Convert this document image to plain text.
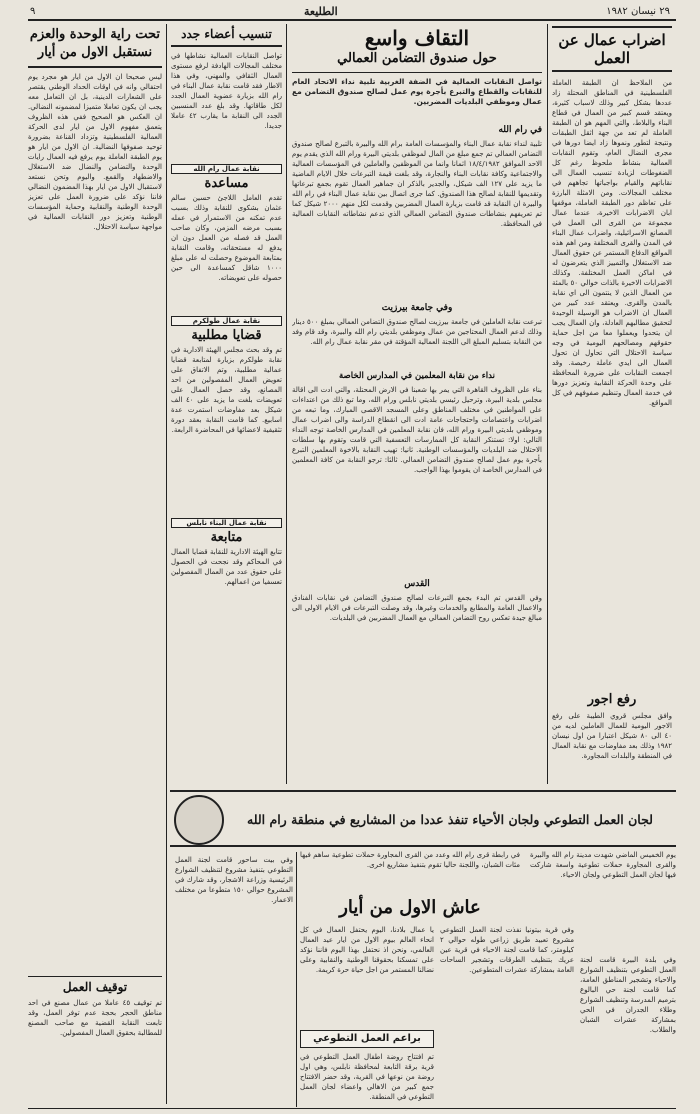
٢٩ نيسان ١٩٨٢
الطليعة
٩
اضراب عمال عن العمل
من الملاحظ ان الطبقة العاملة الفلسطينية في المناطق المحتلة زاد عددها بشكل كبير وذلك لاسباب كثيرة، ويعتقد قسم كبير من العمال في قطاع البناء والبلاط، والتي المهم هو ان الطبقة العاملة لم تعد من جهة اثقل الطبقات ونتيجة لتطور ونموها زاد ايضا دورها في مجرى النضال العام، وتقوم النقابات العمالية بنشاط ملحوظ رغم كل الضغوطات لزيادة تنسيب العمال الى نقاباتهم والقيام بواجباتها تجاههم في مختلف المجالات. ومن الامثلة البارزة على تعاظم دور الطبقة العاملة، موقفها ابان الاضرابات الاخيرة، عندما عمال مجموعة من القرى الى العمل في المصانع الاسرائيلية، واضراب عمال البناء في المدن والقرى المختلفة ومن اهم هذه المواقع الدفاع المستمر عن حقوق العمال ضد الاستغلال والتمييز الذي يتعرضون له في اماكن العمل المختلفة. وكذلك الاضرابات الاخيرة بالذات خوالي ٥٠ بالمئة من العمال الذين لا ينتمون الى اي نقابة بالمدن والقرى. ويعتقد عدد كبير من العمال ان الاضراب هو الوسيلة الوحيدة لتحقيق مطالبهم العادلة، وان العمال يجب ان يتحدوا ويعملوا معا من اجل حماية حقوقهم ومصالحهم اليومية في وجه سياسة الاحتلال التي تحاول ان تحول العمال الى ايدي عاملة رخيصة. وقد اجمعت النقابات على ضرورة المحافظة على وحدة الحركة النقابية وتعزيز دورها في خدمة العمال وتنظيم صفوفهم في كل المواقع.
رفع اجور
وافق مجلس قروي الطيبة على رفع الاجور اليومية للعمال العاملين لديه من ٤٠ الى ٨٠ شيكل اعتبارا من اول نيسان ١٩٨٢ وذلك بعد مفاوضات مع نقابة العمال في المنطقة والبلدات المجاورة.
التقاف واسع
حول صندوق التضامن العمالي
تواصل النقابات العمالية في الضفة الغربية تلبية نداء الاتحاد العام للنقابات والقطاع والتبرع بأجرة يوم عمل لصالح صندوق التضامن مع عمال وموظفي البلديات المضربين.
في رام الله
تلبية لنداء نقابة عمال البناء والمؤسسات العامة برام الله والبيرة بالتبرع لصالح صندوق التضامن العمالي تم جمع مبلغ من المال لموظفي بلديتي البيرة ورام الله الذي يقدم يوم الاحد الموافق ١٨/٤/١٩٨٢ اثمانا وانما من الموظفين والعاملين في المؤسسات العمالية والاجتماعية وكافة نقابات البناء والنجارة، وقد بلغت قيمة التبرعات خلال الايام الماضية ما يزيد على ١٢٧ الف شيكل، والجدير بالذكر ان جماهير العمال تقوم بجمع تبرعاتها وتقديمها للنقابة لصالح هذا الصندوق. كما جرى اتصال بين نقابة عمال البناء في رام الله والبيرة ان النقابة قد قامت بزيارة العمال المضربين وقدمت لكل منهم ٢٠٠٠ شيكل كما تم تعريفهم بنشاطات صندوق التضامن العمالي الذي تدعم نشاطاته النقابات العمالية في المحافظة.
وفي جامعة بيرزيت
تبرعت نقابة العاملين في جامعة بيرزيت لصالح صندوق التضامن العمالي بمبلغ ٥٠٠ دينار وذلك لدعم العمال المحتاجين من عمال وموظفي بلديتي رام الله والبيرة، وقد قام وفد من النقابة بتسليم المبلغ الى اللجنة العمالية المؤقتة في مقر نقابة عمال رام الله.
نداء من نقابة المعلمين في المدارس الخاصة
بناء على الظروف القاهرة التي يمر بها شعبنا في الارض المحتلة، والتي ادت الى اقالة مجلس بلدية البيرة، وترحيل رئيسي بلديتي نابلس ورام الله، وما تبع ذلك من اعتداءات على المواطنين في مختلف المناطق وعلى المسجد الاقصى المبارك، وما تبعه من اضرابات واعتصامات واحتجاجات عامة ادت الى انقطاع الدراسة والى اضراب عمال وموظفي بلديتي البيرة ورام الله، فان نقابة المعلمين في المدارس الخاصة توجه النداء التالي: اولا: تستنكر النقابة كل الممارسات التعسفية التي قامت وتقوم بها سلطات الاحتلال ضد البلديات والمؤسسات الوطنية. ثانيا: تهيب النقابة بالاخوة المعلمين التبرع بأجرة يوم عمل لصالح صندوق التضامن العمالي. ثالثا: ترجو النقابة من كافة المعلمين في المدارس الخاصة ان يقوموا بهذا الواجب.
القدس
وفي القدس تم البدء بجمع التبرعات لصالح صندوق التضامن في نقابات الفنادق والاعمال العامة والمطابع والخدمات وغيرها، وقد وصلت التبرعات في الايام الاولى الى مبالغ جيدة تعكس روح التضامن العمالي مع العمال المضربين في البلديات.
تنسيب أعضاء جدد
تواصل النقابات العمالية نشاطها في مختلف المجالات الهادفة لرفع مستوى العمال الثقافي والمهني، وفي هذا الاطار فقد قامت نقابة عمال البناء في رام الله بزيارة عضوية العمال الجدد لكل طاقاتها. وقد بلغ عدد المنسبين الجدد الى النقابة ما يقارب ٤٢ عاملا جديدا.
نقابة عمال رام الله
مساعدة
تقدم العامل اللاجئ حسين سالم عثمان بشكوى للنقابة وذلك بسبب عدم تمكنه من الاستمرار في عمله بسبب مرضه المزمن، وكان صاحب العمل قد فصله من العمل دون ان يدفع له مستحقاته، وقامت النقابة بمتابعة الموضوع وحصلت له على مبلغ ١٠٠٠ شاقل كمساعدة الى حين حصوله على تعويضاته.
نقابة عمال طولكرم
قضايا مطلبية
تم وقد بحث مجلس الهيئة الادارية في نقابة طولكرم بزيارة لمتابعة قضايا عمالية مطلبية، وتم الاتفاق على تعويض العمال المفصولين من احد المصانع، وقد حصل العمال على تعويضات بلغت ما يزيد على ٤٠ الف شيكل بعد مفاوضات استمرت عدة اسابيع. كما قامت النقابة بعقد دورة تثقيفية لاعضائها في المحاضرة الرابعة.
نقابة عمال البناء نابلس
متابعة
تتابع الهيئة الادارية للنقابة قضايا العمال في المحاكم وقد نجحت في الحصول على حقوق عدد من العمال المفصولين تعسفيا من اعمالهم.
تحت راية الوحدة والعزم نستقبل الاول من أيار
ليس صحيحا ان الاول من ايار هو مجرد يوم احتفالي وانه في اوقات الحداد الوطني يقتصر على الشعارات الدينية، بل ان التعامل معه يجب ان يكون تعاملا متميزا لمضمونه النضالي. ان العكس هو الصحيح ففي هذه الظروف يتعمق مفهوم الاول من ايار لدى الحركة العمالية الفلسطينية وتزداد القناعة بضرورة توحيد صفوفها النضالية. ان الاول من ايار هو يوم الطبقة العاملة يوم يرفع فيه العمال رايات الوحدة والتضامن والنضال ضد الاستغلال والاضطهاد والقمع. واليوم وتحن نستعد لاستقبال الاول من ايار بهذا المضمون النضالي فاننا نؤكد على ضرورة العمل على تعزيز الوحدة الوطنية والنقابية وحماية المؤسسات الوطنية وتعزيز دور النقابات العمالية في مواجهة سياسة الاحتلال.
توقيف العمل
تم توقيف ٤٥ عاملا من عمال مصنع في احد مناطق الحجر بحجة عدم توفر العمل، وقد تابعت النقابة القضية مع صاحب المصنع للمطالبة بحقوق العمال المفصولين.
لجان العمل التطوعي ولجان الأحياء تنفذ عددا من المشاريع في منطقة رام الله
يوم الخميس الماضي شهدت مدينة رام الله والبيرة والقرى المجاورة حملات تطوعية واسعة شاركت فيها لجان العمل التطوعي ولجان الاحياء.
في رابطة قرى رام الله وعدد من القرى المجاورة حملات تطوعية ساهم فيها مئات الشبان، واللجنة حاليا تقوم بتنفيذ مشاريع اخرى.
عاش الاول من أيار
وفي بلدة البيرة قامت لجنة العمل التطوعي بتنظيف الشوارع والاحياء وتشجير المناطق العامة، كما قامت لجنة حي البالوع بترميم المدرسة وتنظيف الشوارع وطلاء الجدران في الحي بمشاركة عشرات الشبان والطلاب.
وفي قرية بيتونيا نفذت لجنة العمل التطوعي مشروع تعبيد طريق زراعي طوله حوالي ٢ كيلومتر، كما قامت لجنة الاحياء في قرية عين عريك بتنظيف الطرقات وتشجير الساحات العامة بمشاركة عشرات المتطوعين.
يا عمال بلادنا، اليوم يحتفل العمال في كل انحاء العالم بيوم الاول من ايار عيد العمال العالمي، ونحن اذ نحتفل بهذا اليوم فاننا نؤكد على تمسكنا بحقوقنا الوطنية والنقابية وعلى نضالنا المستمر من اجل حياة حرة كريمة.
براعم العمل التطوعي
تم افتتاح روضة اطفال العمل التطوعي في قرية برقة التابعة لمحافظة نابلس، وهي اول روضة من نوعها في القرية، وقد حضر الافتتاح جمع كبير من الاهالي واعضاء لجان العمل التطوعي في المنطقة.
وفي بيت ساحور قامت لجنة العمل التطوعي بتنفيذ مشروع لتنظيف الشوارع الرئيسية وزراعة الاشجار، وقد شارك في المشروع حوالي ١٥٠ متطوعا من مختلف الاعمار.
